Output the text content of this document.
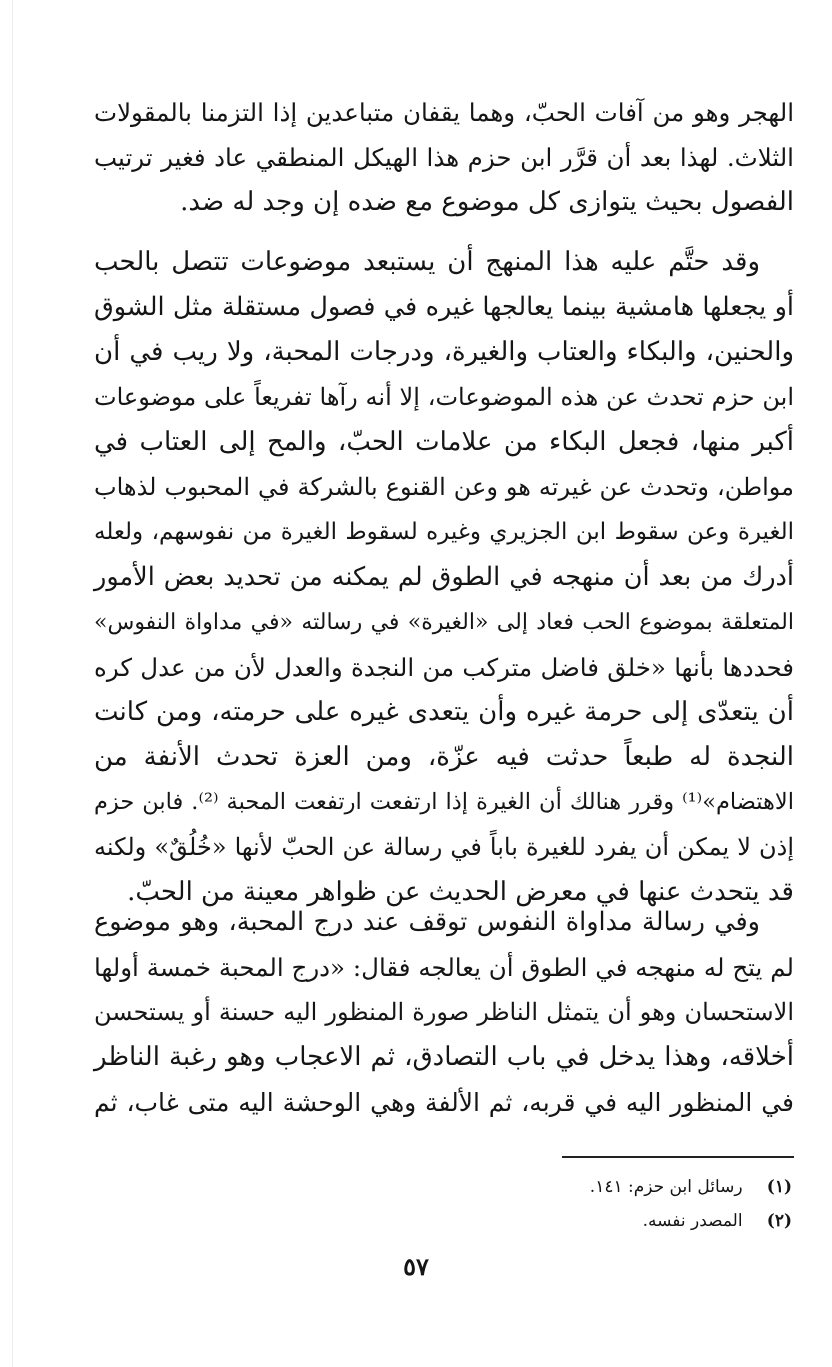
الهجر وهو من آفات الحبّ، وهما يقفان متباعدين إذا التزمنا بالمقولات
الثلاث. لهذا بعد أن قرَّر ابن حزم هذا الهيكل المنطقي عاد فغير ترتيب
الفصول بحيث يتوازى كل موضوع مع ضده إن وجد له ضد.
وقد حتَّم عليه هذا المنهج أن يستبعد موضوعات تتصل بالحب
أو يجعلها هامشية بينما يعالجها غيره في فصول مستقلة مثل الشوق
والحنين، والبكاء والعتاب والغيرة، ودرجات المحبة، ولا ريب في أن
ابن حزم تحدث عن هذه الموضوعات، إلا أنه رآها تفريعاً على موضوعات
أكبر منها، فجعل البكاء من علامات الحبّ، والمح إلى العتاب في
مواطن، وتحدث عن غيرته هو وعن القنوع بالشركة في المحبوب لذهاب
الغيرة وعن سقوط ابن الجزيري وغيره لسقوط الغيرة من نفوسهم، ولعله
أدرك من بعد أن منهجه في الطوق لم يمكنه من تحديد بعض الأمور
المتعلقة بموضوع الحب فعاد إلى «الغيرة» في رسالته «في مداواة النفوس»
فحددها بأنها «خلق فاضل متركب من النجدة والعدل لأن من عدل كره
أن يتعدّى إلى حرمة غيره وأن يتعدى غيره على حرمته، ومن كانت
النجدة له طبعاً حدثت فيه عزّة، ومن العزة تحدث الأنفة من
الاهتضام»⁽¹⁾ وقرر هنالك أن الغيرة إذا ارتفعت ارتفعت المحبة ⁽²⁾. فابن حزم
إذن لا يمكن أن يفرد للغيرة باباً في رسالة عن الحبّ لأنها «خُلُقٌ» ولكنه
قد يتحدث عنها في معرض الحديث عن ظواهر معينة من الحبّ.
وفي رسالة مداواة النفوس توقف عند درج المحبة، وهو موضوع
لم يتح له منهجه في الطوق أن يعالجه فقال: «درج المحبة خمسة أولها
الاستحسان وهو أن يتمثل الناظر صورة المنظور اليه حسنة أو يستحسن
أخلاقه، وهذا يدخل في باب التصادق، ثم الاعجاب وهو رغبة الناظر
في المنظور اليه في قربه، ثم الألفة وهي الوحشة اليه متى غاب، ثم
(١) رسائل ابن حزم: ١٤١.
(٢) المصدر نفسه.
٥٧
